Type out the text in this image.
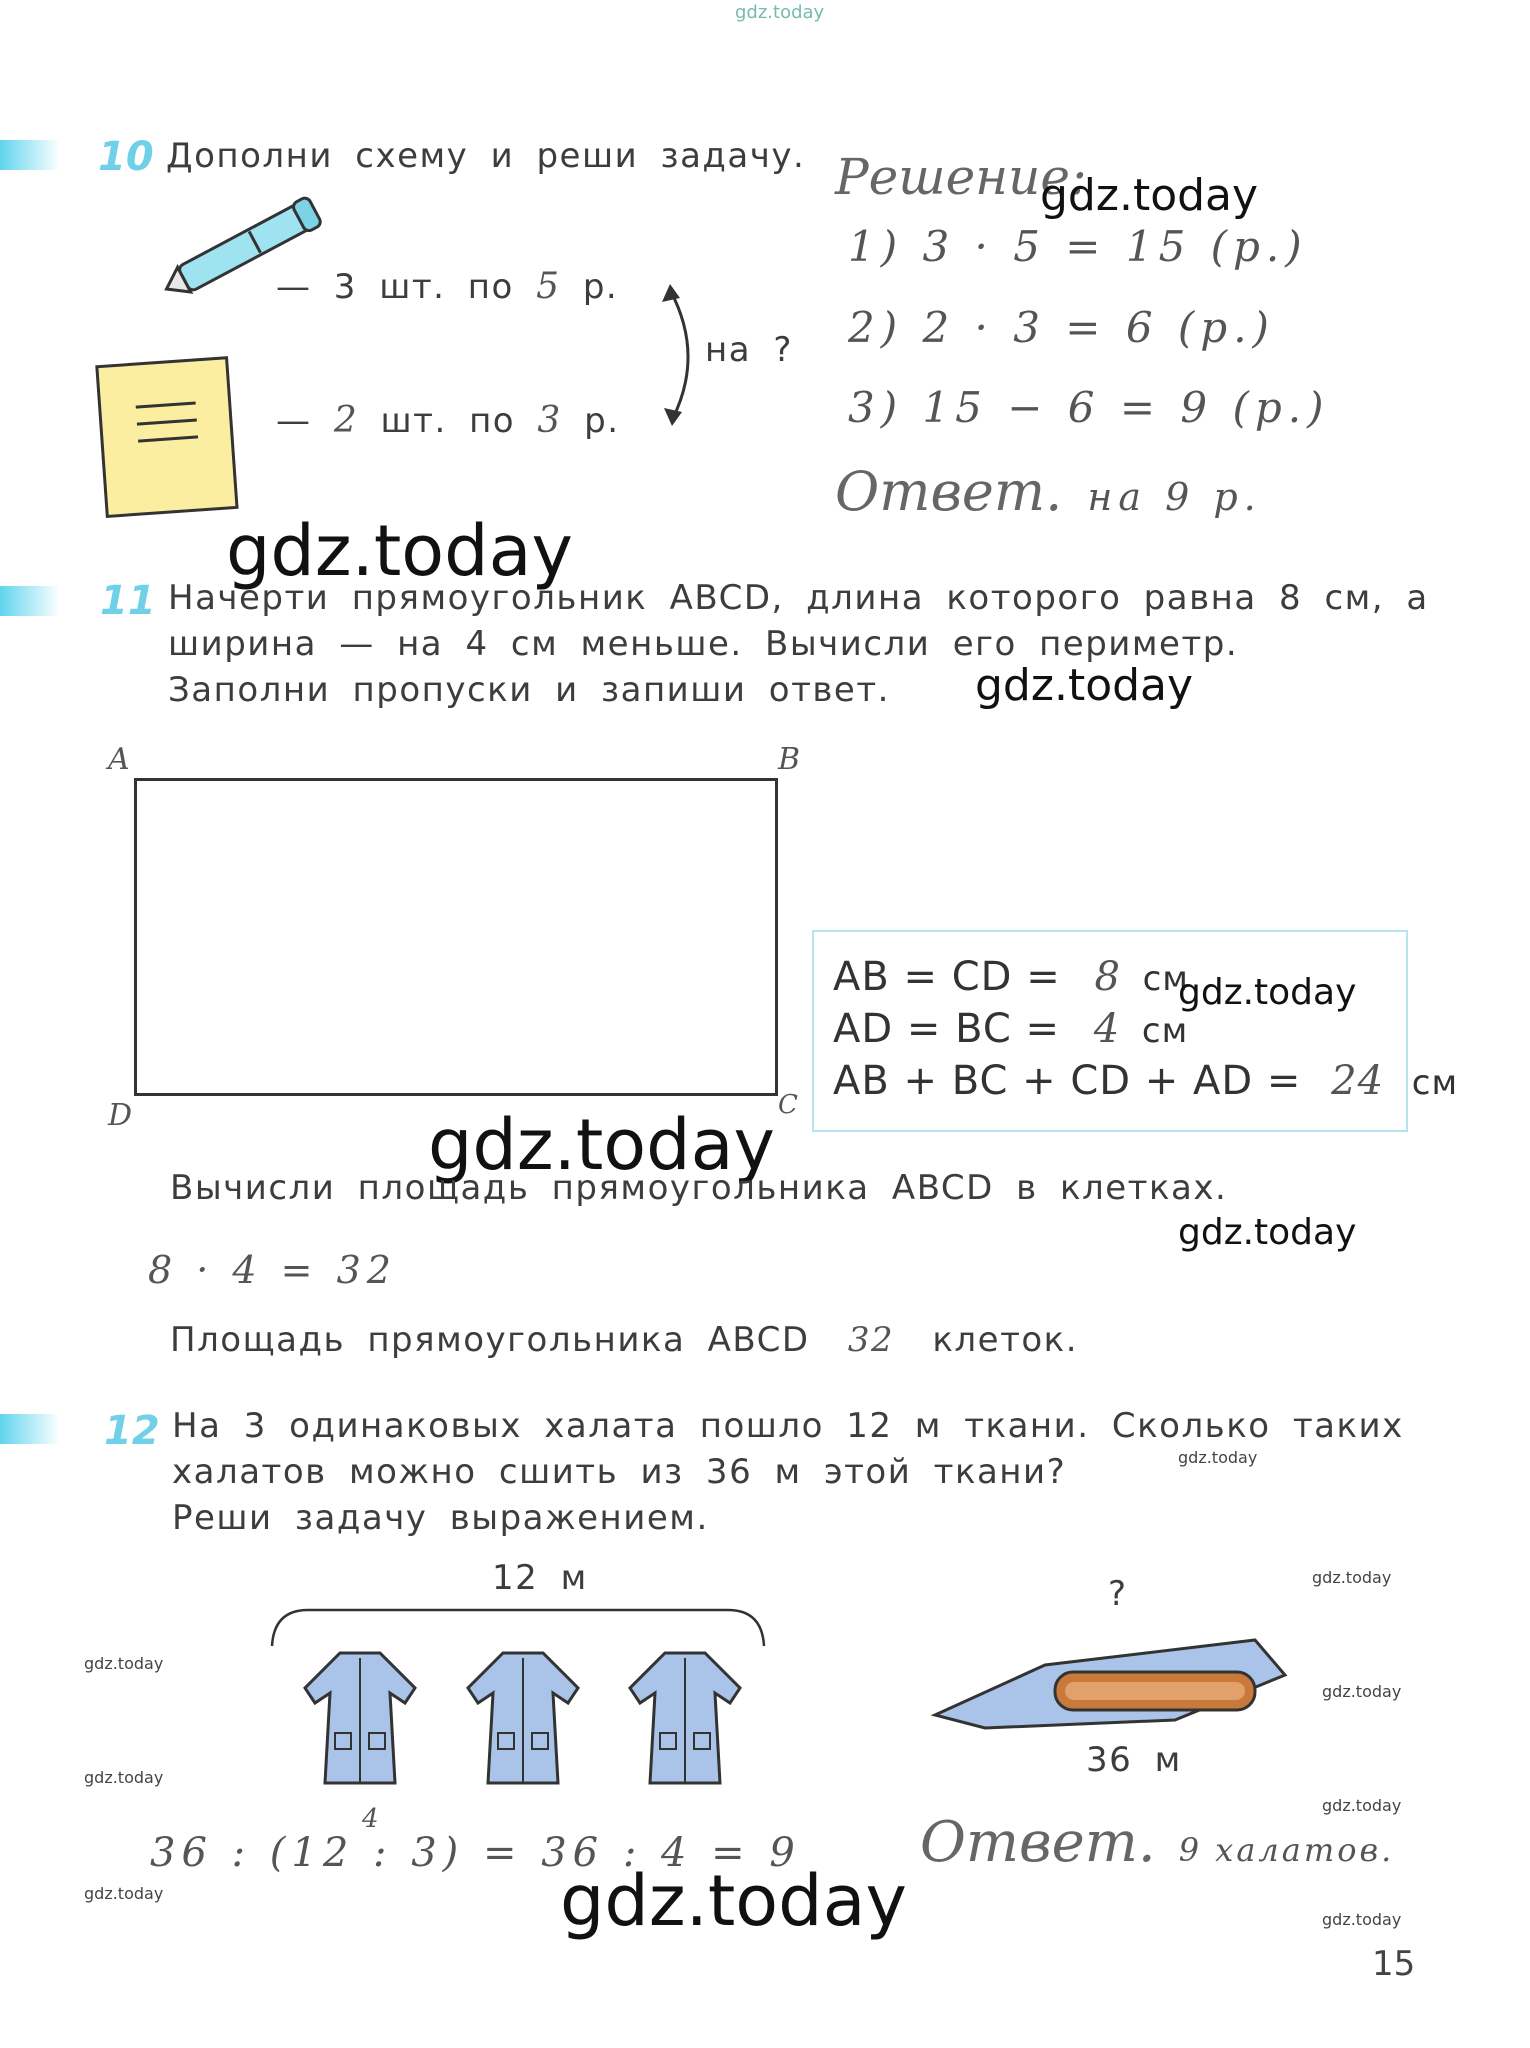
gdz.today
10 Дополни схему и реши задачу.
— 3 шт. по 5 р.
— 2 шт. по 3 р.
на ?
Решение:
gdz.today
1) 3 · 5 = 15 (р.)
2) 2 · 3 = 6 (р.)
3) 15 − 6 = 9 (р.)
Ответ. на 9 р.
gdz.today
11 Начерти прямоугольник ABCD, длина которого равна 8 см, а
ширина — на 4 см меньше. Вычисли его периметр.
Заполни пропуски и запиши ответ. gdz.today
A	B
C
D
AB = CD = 8 см
gdz.today
AD = BC = 4 см
AB + BC + CD + AD = 24 см
gdz.today
Вычисли площадь прямоугольника ABCD в клетках.
gdz.today
8 · 4 = 32
Площадь прямоугольника ABCD 32 клеток.
12 На 3 одинаковых халата пошло 12 м ткани. Сколько таких
gdz.today
халатов можно сшить из 36 м этой ткани?
Реши задачу выражением.
12 м	?
36 м
gdz.today
gdz.today
gdz.today
gdz.today
gdz.today
gdz.today
gdz.today
4
36 : (12 : 3) = 36 : 4 = 9 Ответ. 9 халатов.
gdz.today
15
